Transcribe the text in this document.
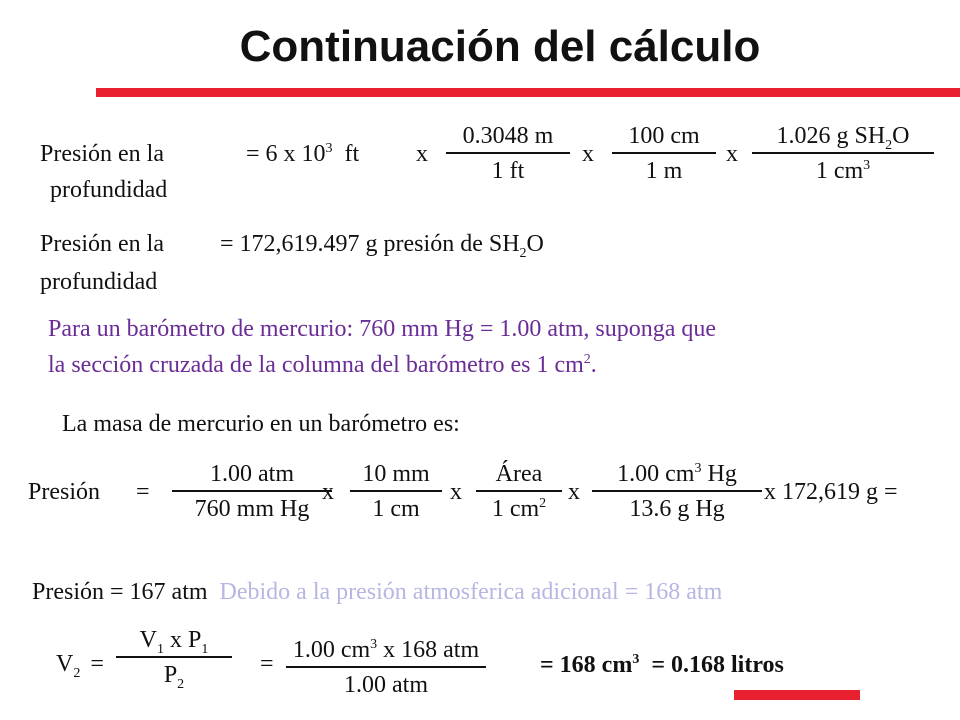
Continuación del cálculo
Presión en la
profundidad
= 6 x $10^3$ ft x
0.3048 m
1 ft
x
100 cm
1 m
x
1.026 g $SH_2O$
1 $cm^3$
Presión en la
profundidad
= 172,619.497 g presión de $SH_2O$
Para un barómetro de mercurio: 760 mm Hg = 1.00 atm, suponga que
la sección cruzada de la columna del barómetro es 1 $cm^2$.
La masa de mercurio en un barómetro es:
Presión =
1.00 atm
760 mm Hg
x
10 mm
1 cm
x
Área
1 $cm^2$ x
1.00 $cm^3$ Hg
13.6 g Hg
x 172,619 g =
Presión = 167 atm Debido a la presión atmosferica adicional = 168 atm
$V_2$ =
$V_1$ x $P_1$
$P_2$
=
1.00 $cm^3$ x 168 atm
1.00 atm
= 168 $cm^3 = 0.168$ litros
